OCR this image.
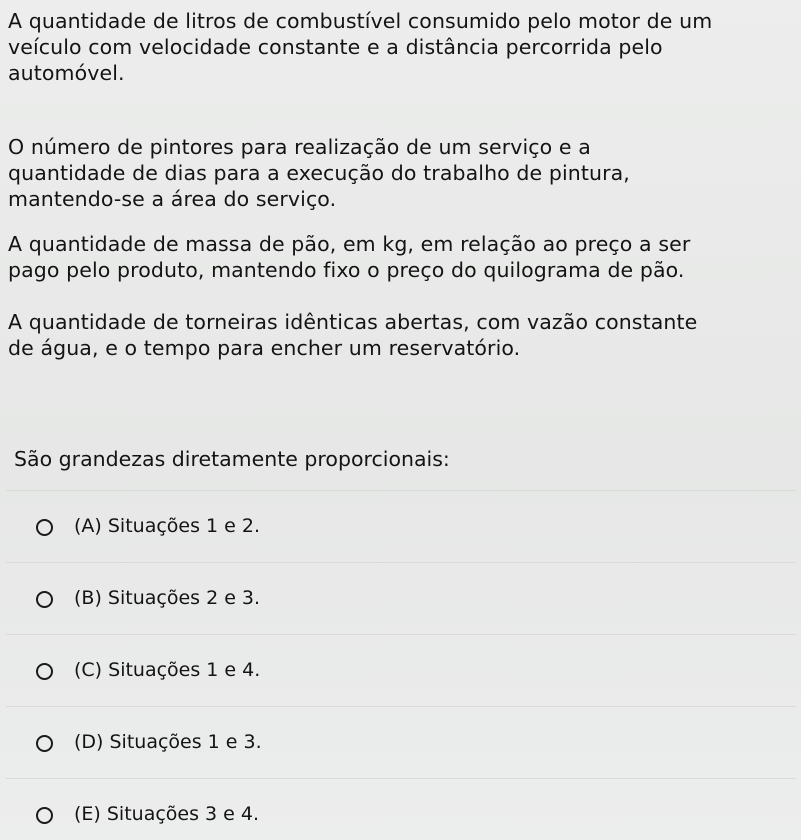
A quantidade de litros de combustível consumido pelo motor de um
veículo com velocidade constante e a distância percorrida pelo
automóvel.
O número de pintores para realização de um serviço e a
quantidade de dias para a execução do trabalho de pintura,
mantendo-se a área do serviço.
A quantidade de massa de pão, em kg, em relação ao preço a ser
pago pelo produto, mantendo fixo o preço do quilograma de pão.
A quantidade de torneiras idênticas abertas, com vazão constante
de água, e o tempo para encher um reservatório.
São grandezas diretamente proporcionais:
(A) Situações 1 e 2.
(B) Situações 2 e 3.
(C) Situações 1 e 4.
(D) Situações 1 e 3.
(E) Situações 3 e 4.
